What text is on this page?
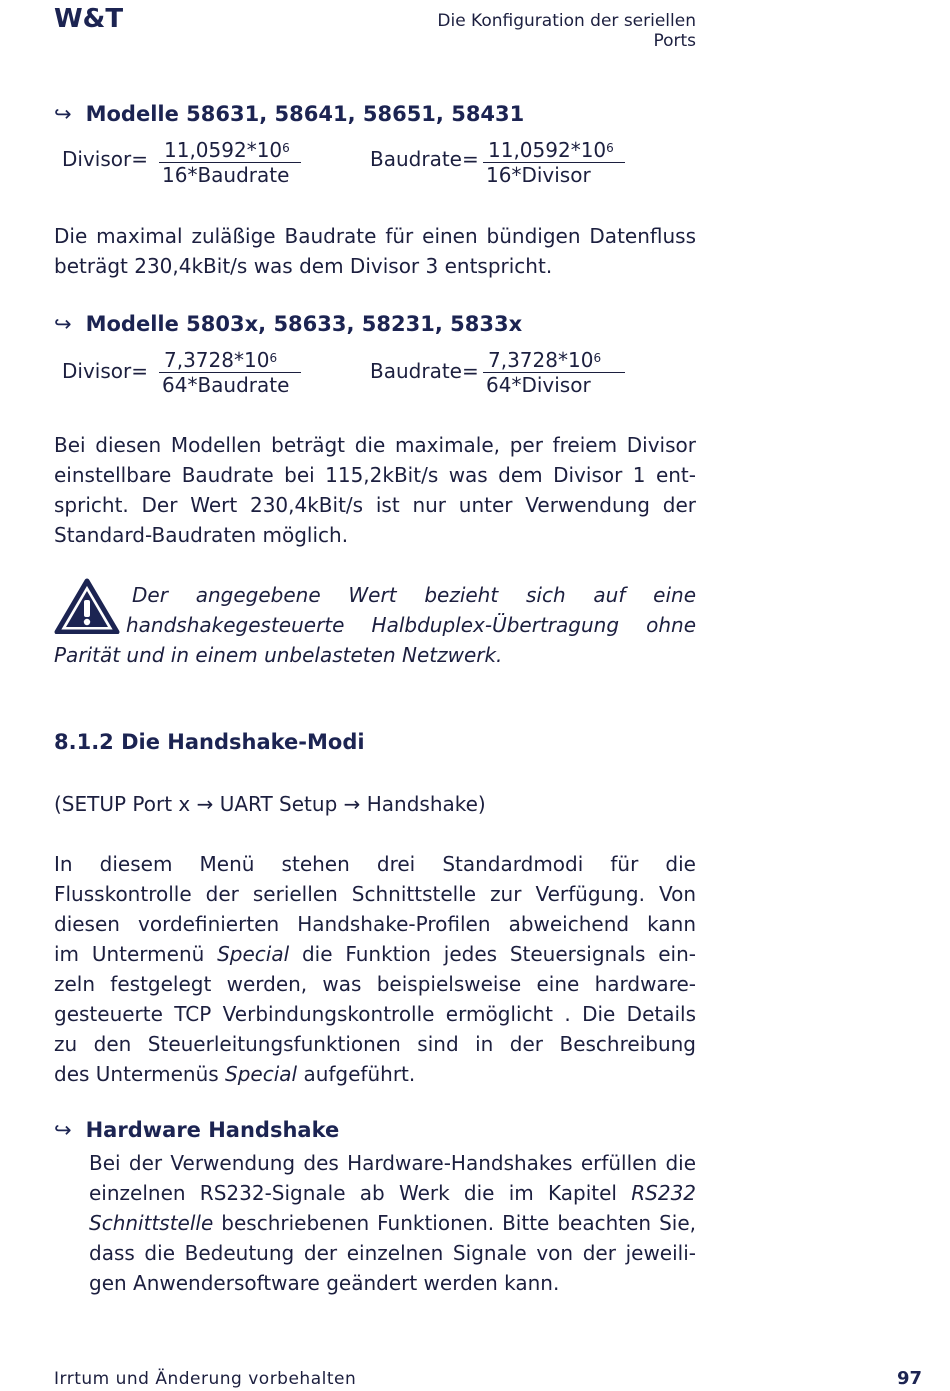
W&T	Die Konfiguration der seriellen Ports
↪ Modelle 58631, 58641, 58651, 58431
Divisor= $11,0592*10^6$
16*Baudrate
Baudrate= $11,0592*10^6$
16*Divisor
Die maximal zuläßige Baudrate für einen bündigen Datenfluss
beträgt 230,4kBit/s was dem Divisor 3 entspricht.
↪ Modelle 5803x, 58633, 58231, 5833x
Divisor= $7,3728*10^6$
64*Baudrate
Baudrate= $7,3728*10^6$
64*Divisor
Bei diesen Modellen beträgt die maximale, per freiem Divisor
einstellbare Baudrate bei 115,2kBit/s was dem Divisor 1 ent-
spricht. Der Wert 230,4kBit/s ist nur unter Verwendung der
Standard-Baudraten möglich.
Der angegebene Wert bezieht sich auf eine
handshakegesteuerte Halbduplex-Übertragung ohne
Parität und in einem unbelasteten Netzwerk.
8.1.2 Die Handshake-Modi
(SETUP Port x → UART Setup → Handshake)
In diesem Menü stehen drei Standardmodi für die
Flusskontrolle der seriellen Schnittstelle zur Verfügung. Von
diesen vordefinierten Handshake-Profilen abweichend kann
im Untermenü Special die Funktion jedes Steuersignals ein-
zeln festgelegt werden, was beispielsweise eine hardware-
gesteuerte TCP Verbindungskontrolle ermöglicht . Die Details
zu den Steuerleitungsfunktionen sind in der Beschreibung
des Untermenüs Special aufgeführt.
↪ Hardware Handshake
Bei der Verwendung des Hardware-Handshakes erfüllen die
einzelnen RS232-Signale ab Werk die im Kapitel RS232
Schnittstelle beschriebenen Funktionen. Bitte beachten Sie,
dass die Bedeutung der einzelnen Signale von der jeweili-
gen Anwendersoftware geändert werden kann.
Irrtum und Änderung vorbehalten	97
